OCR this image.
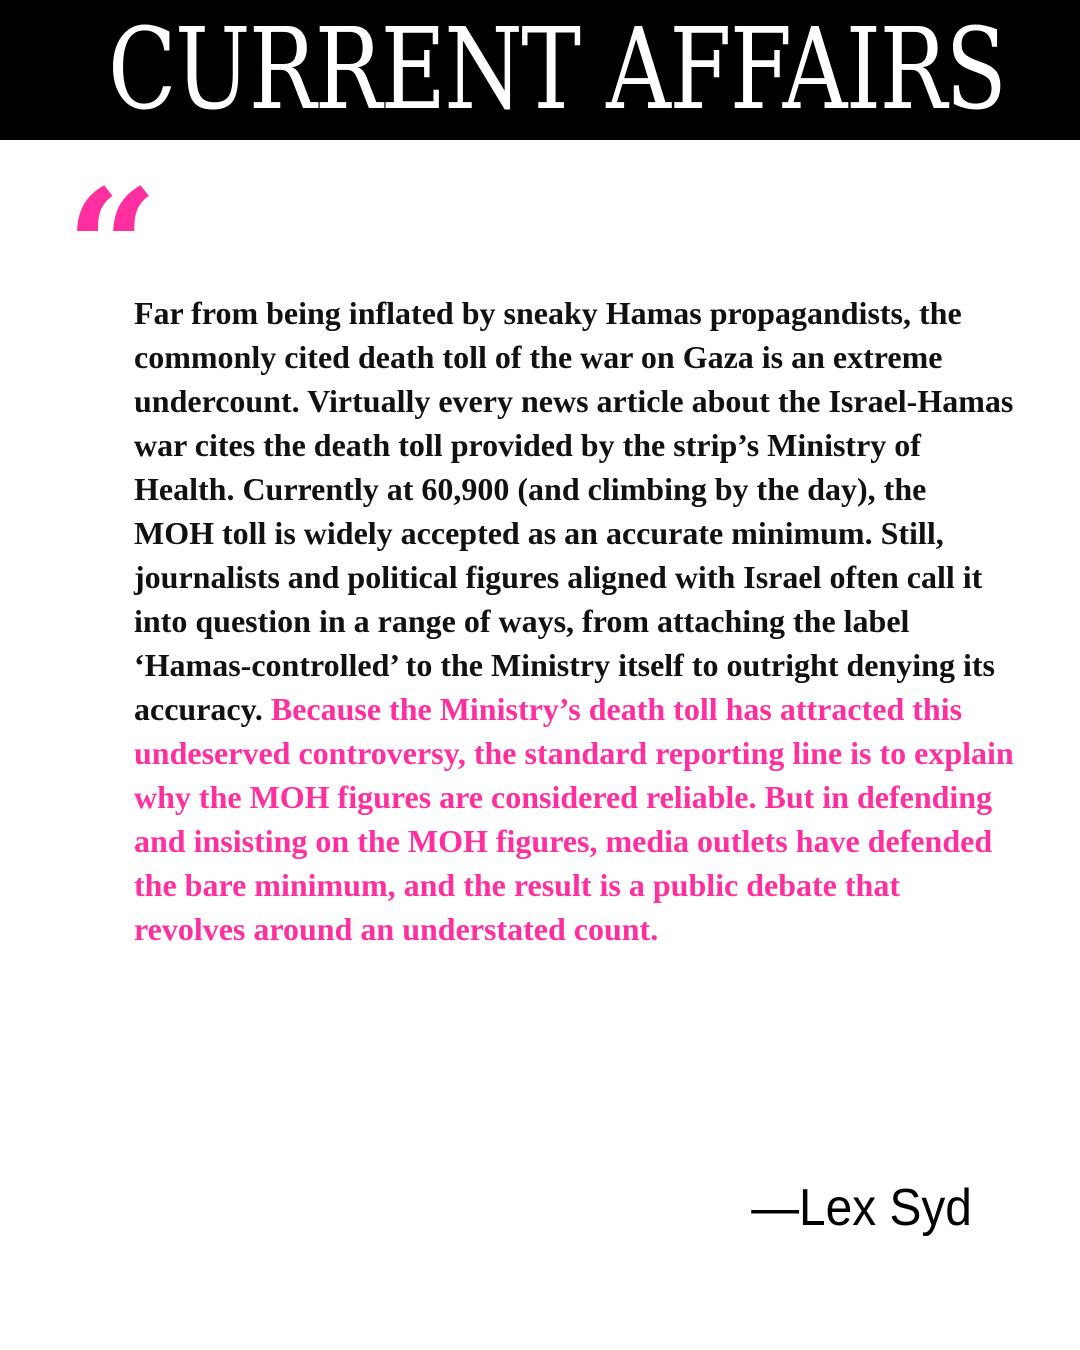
CURRENT AFFAIRS
“

Far from being inflated by sneaky Hamas propagandists, the commonly cited death toll of the war on Gaza is an extreme undercount. Virtually every news article about the Israel-Hamas war cites the death toll provided by the strip’s Ministry of Health. Currently at 60,900 (and climbing by the day), the MOH toll is widely accepted as an accurate minimum. Still, journalists and political figures aligned with Israel often call it into question in a range of ways, from attaching the label ‘Hamas-controlled’ to the Ministry itself to outright denying its accuracy. Because the Ministry’s death toll has attracted this undeserved controversy, the standard reporting line is to explain why the MOH figures are considered reliable. But in defending and insisting on the MOH figures, media outlets have defended the bare minimum, and the result is a public debate that revolves around an understated count.

—Lex Syd
